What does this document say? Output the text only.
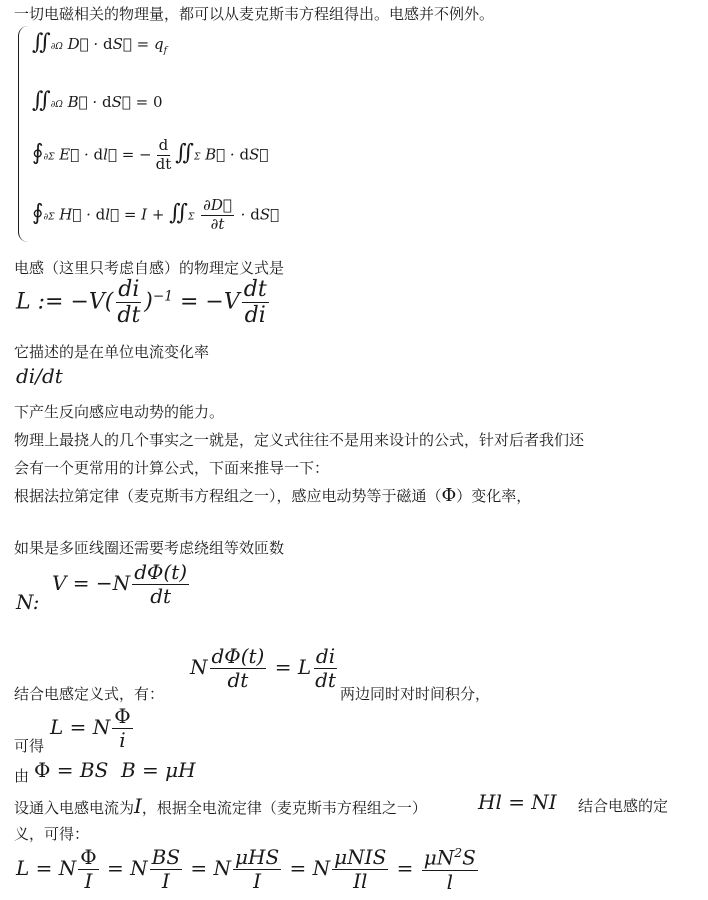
一切电磁相关的物理量，都可以从麦克斯韦方程组得出。电感并不例外。
∬∂Ω D⃗ · dS⃗ = $q_f$
∬∂Ω B⃗ · dS⃗ = 0
∮∂Σ E⃗ · dl⃗ = − $\frac{d}{dt}$ ∬Σ B⃗ · dS⃗
∮∂Σ H⃗ · dl⃗ = I + ∬Σ $\frac{\partial D⃗}{\partial t}$ · dS⃗
电感（这里只考虑自感）的物理定义式是
L := $-V( \frac{di}{dt} )^{-1} = -V \frac{dt}{di}$
它描述的是在单位电流变化率
di/dt
下产生反向感应电动势的能力。
物理上最挠人的几个事实之一就是，定义式往往不是用来设计的公式，针对后者我们还
会有一个更常用的计算公式，下面来推导一下：
根据法拉第定律（麦克斯韦方程组之一），感应电动势等于磁通（Φ）变化率，
如果是多匝线圈还需要考虑绕组等效匝数
N:
$V = -N \frac{d\Phi(t)}{dt}$
结合电感定义式，有：
N $\frac{d\Phi(t)}{dt} = L \frac{di}{dt}$
两边同时对时间积分，
可得
L = N $\frac{\Phi}{i}$
由 Φ = BS  B = μH
设通入电感电流为I，根据全电流定律（麦克斯韦方程组之一）	Hl = NI 结合电感的定
义，可得：
L = N $\frac{\Phi}{I} = N \frac{BS}{I} = N \frac{\text{μHS}}{I} = N \frac{\text{μNIS}}{Il} = \frac{\mu N^2S}{l}$
